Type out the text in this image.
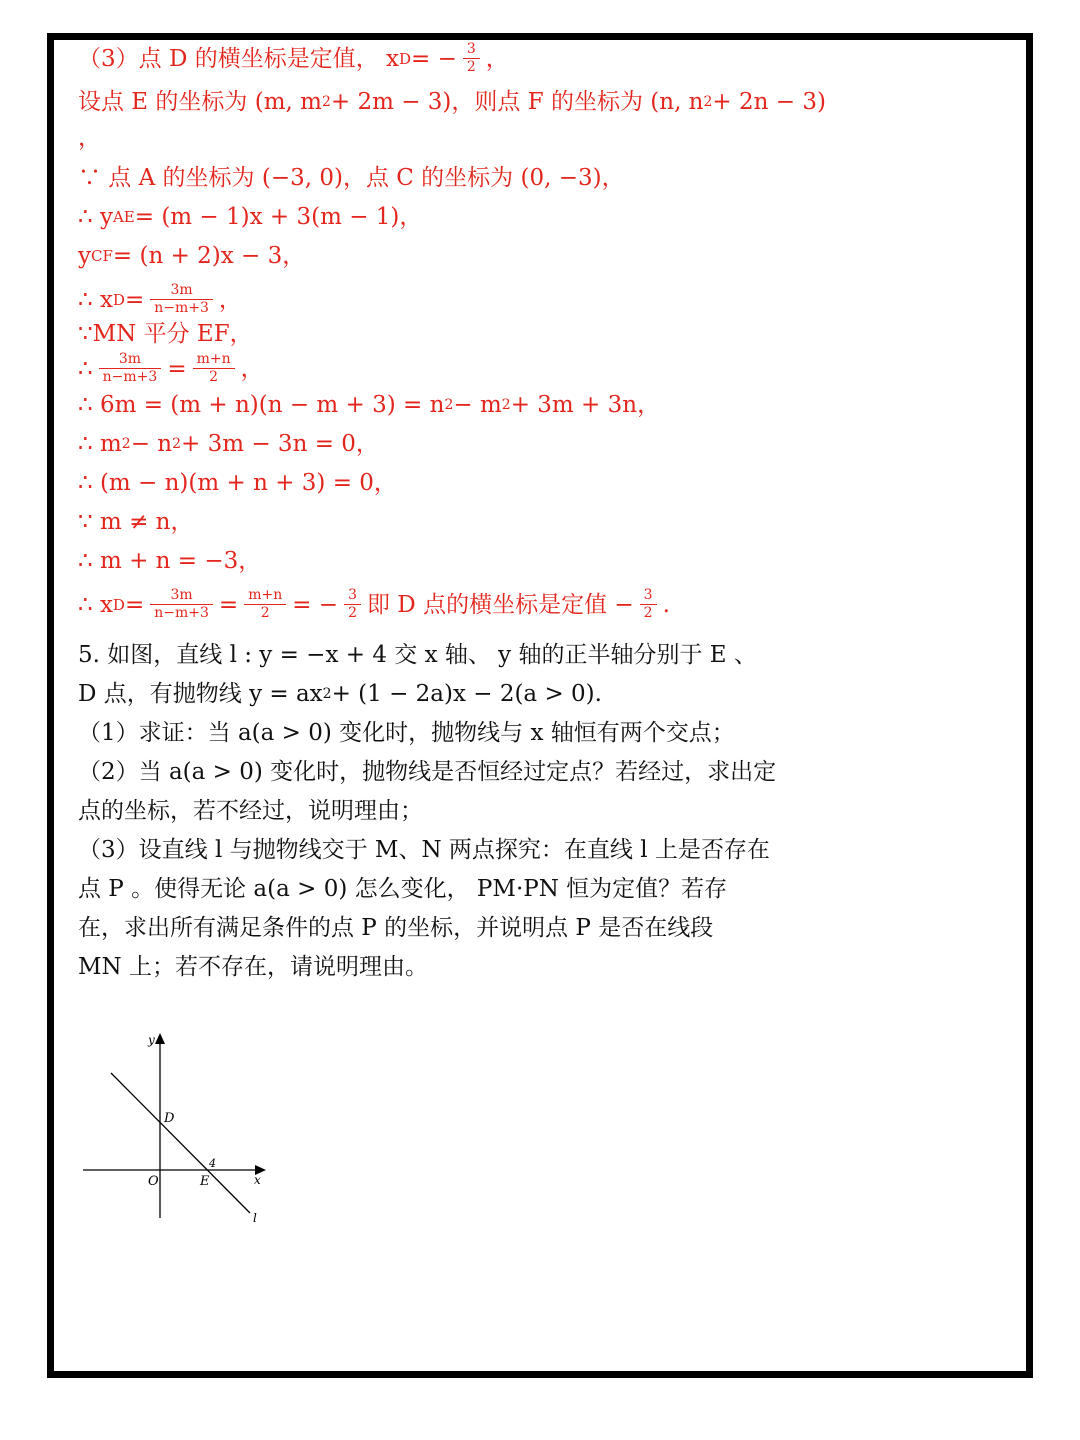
（3）点 D 的横坐标是定值， x D = − $\frac{3}{2}$ ，
设点 E 的坐标为 (m, m 2 + 2m − 3)，则点 F 的坐标为 (n, n 2 + 2n − 3)
，
∵ 点 A 的坐标为 (−3, 0)，点 C 的坐标为 (0, −3)，
∴ y AE = (m − 1)x + 3(m − 1)，
y CF = (n + 2)x − 3，
∴ x $D = \frac{3m}{n-m+3}$ ，
∵MN 平分 EF，
∴ $\frac{3m}{n-m+3} = \frac{m+n}{2}$ ，
∴ 6m = (m + n)(n − m + 3) = n 2 − m 2 + 3m + 3n，
∴ m 2 − n 2 + 3m − 3n = 0，
∴ (m − n)(m + n + 3) = 0，
∵ m ≠ n，
∴ m + n = −3，
∴ x $D = \frac{3m}{n-m+3} = \frac{m+n}{2}$ = − $\frac{3}{2}$ 即 D 点的横坐标是定值 − $\frac{3}{2}$ .
5. 如图，直线 l : y = −x + 4 交 x 轴、 y 轴的正半轴分别于 E 、
D 点，有抛物线 y = ax 2 + (1 − 2a)x − 2(a > 0).
（1）求证：当 a(a > 0) 变化时，抛物线与 x 轴恒有两个交点；
（2）当 a(a > 0) 变化时，抛物线是否恒经过定点？若经过，求出定
点的坐标，若不经过，说明理由；
（3）设直线 l 与抛物线交于 M、N 两点探究：在直线 l 上是否存在
点 P 。使得无论 a(a > 0) 怎么变化， PM·PN 恒为定值？若存
在，求出所有满足条件的点 P 的坐标，并说明点 P 是否在线段
MN 上；若不存在，请说明理由。
y
x
O
D
E
4
l
